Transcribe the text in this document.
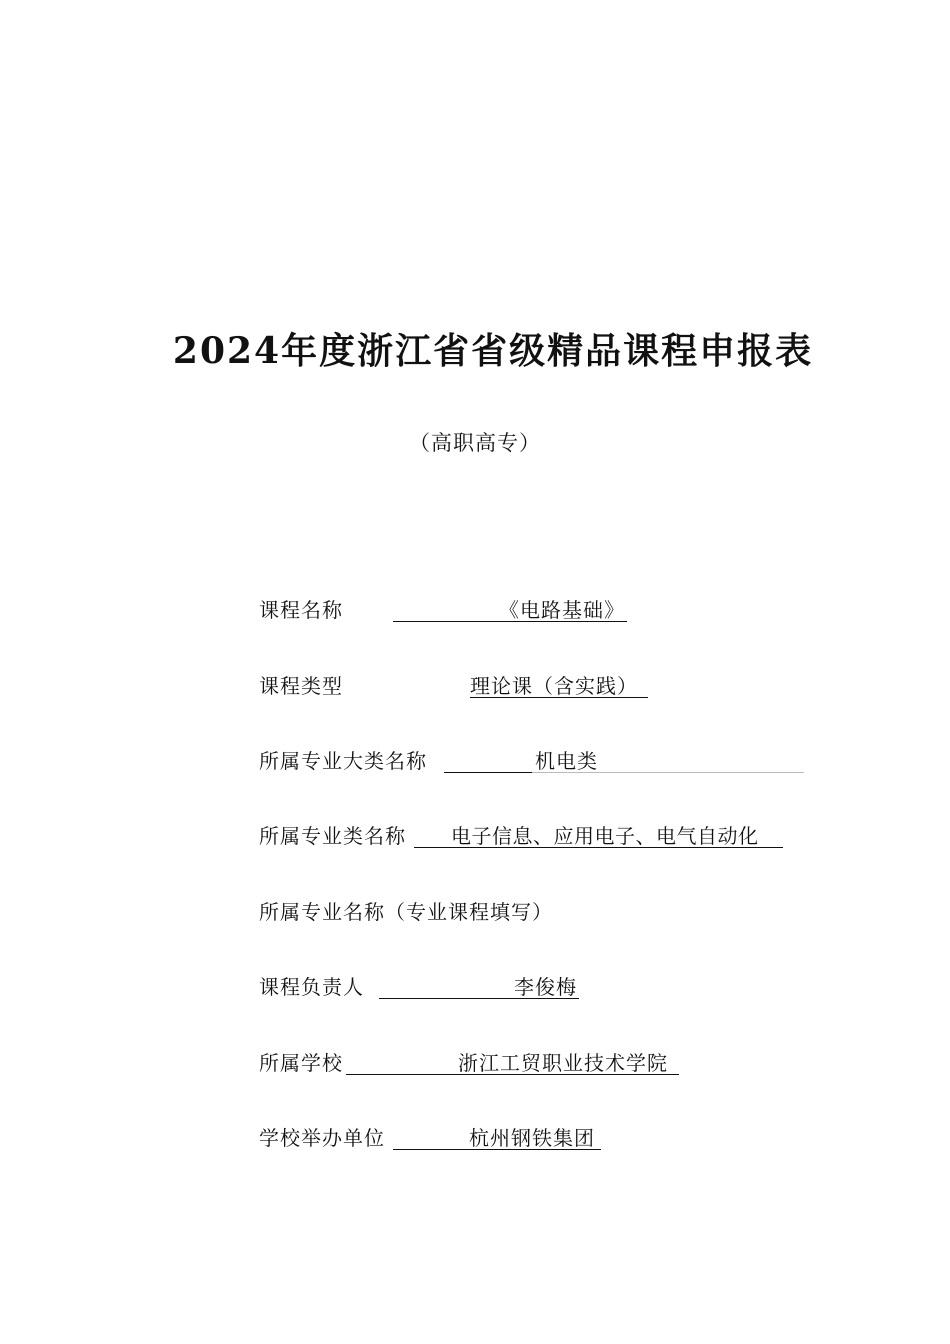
2024年度浙江省省级精品课程申报表
（高职高专）
课程名称	《电路基础》
课程类型	理论课（含实践）
所属专业大类名称	机电类
所属专业类名称 电子信息、应用电子、电气自动化
所属专业名称（专业课程填写）
课程负责人	李俊梅
所属学校	浙江工贸职业技术学院
学校举办单位	杭州钢铁集团
